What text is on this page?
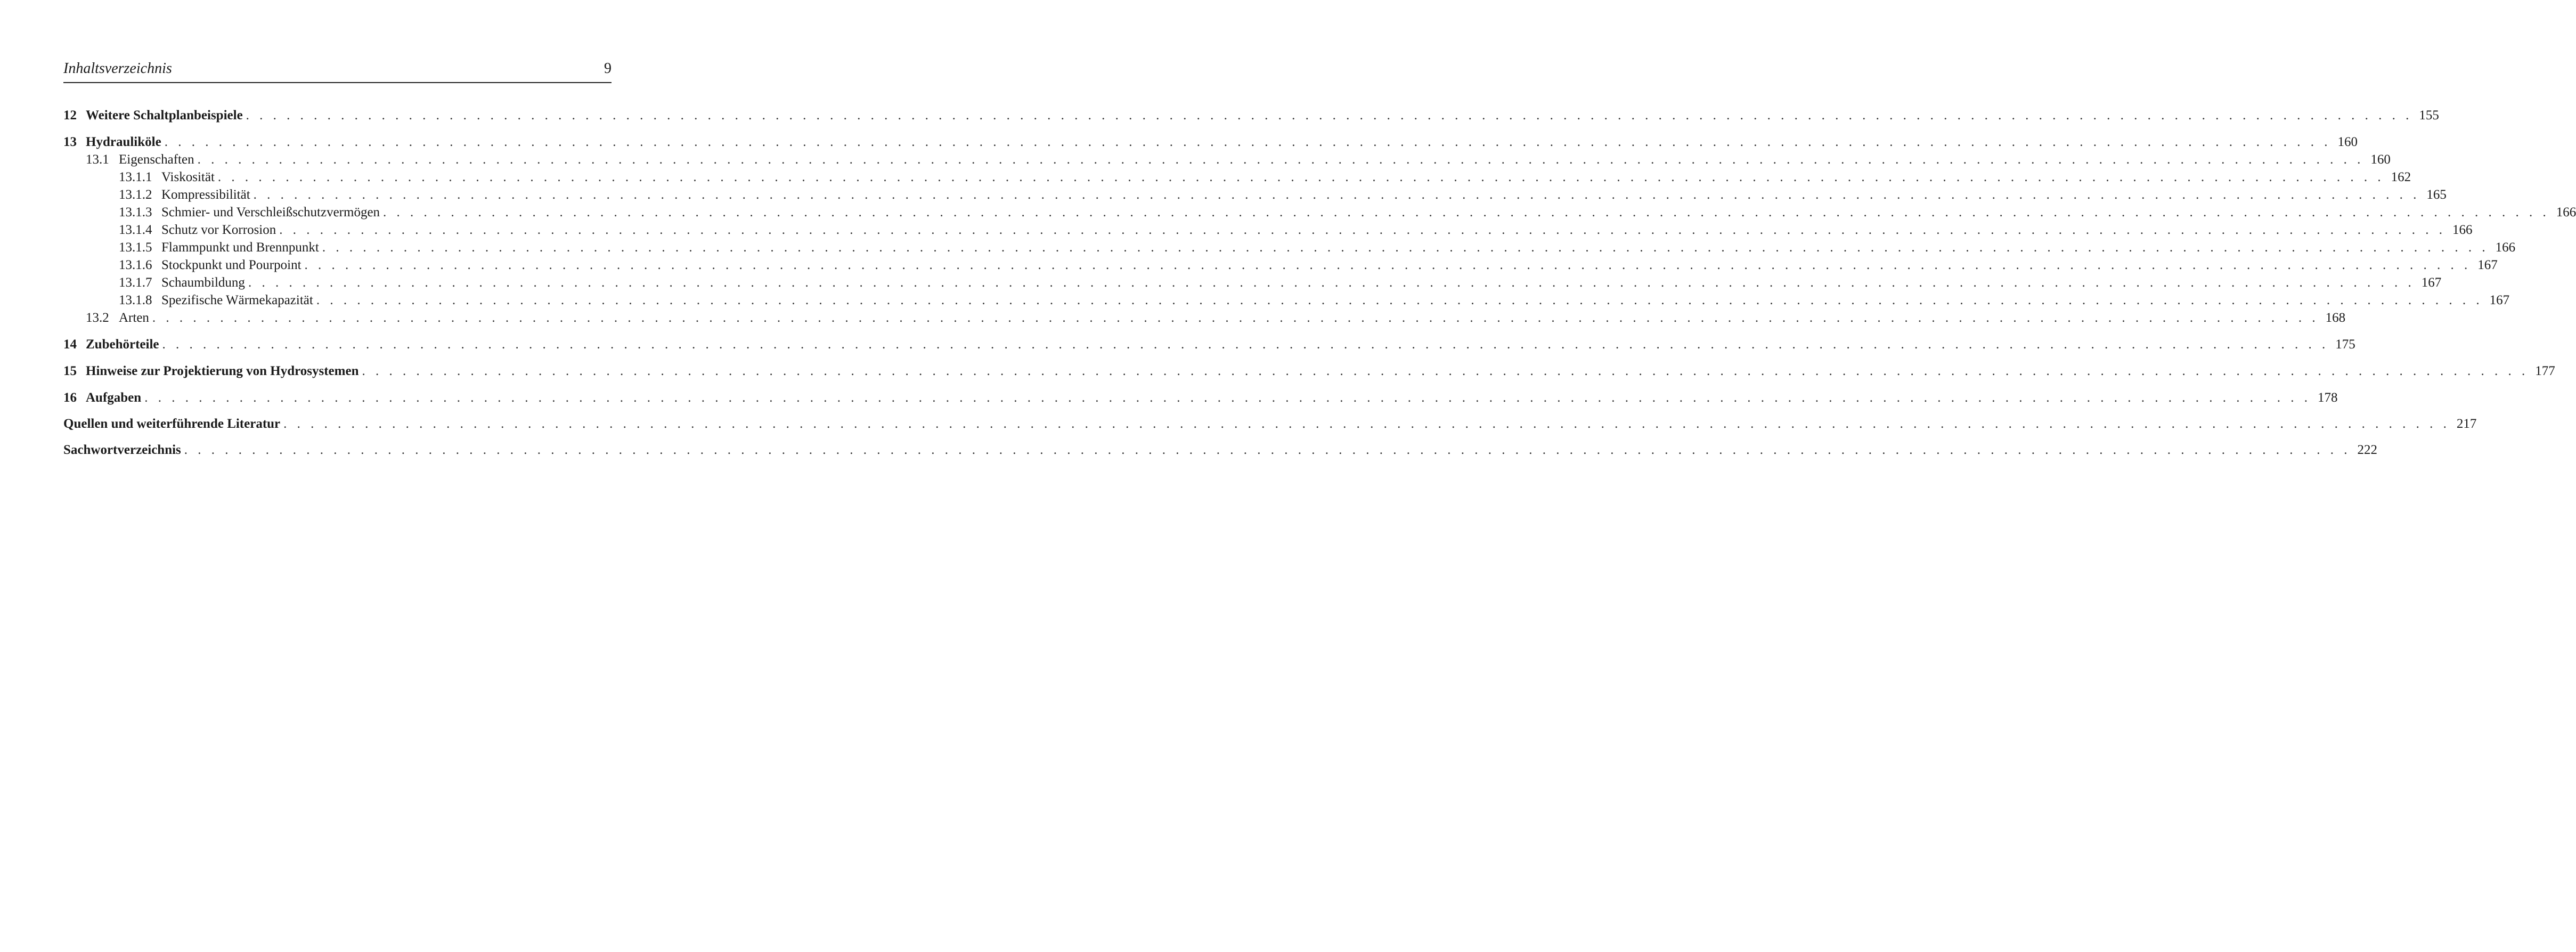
Inhaltsverzeichnis	9
12 Weitere Schaltplanbeispiele . . . . . . . . . . . . . . . . . . . . . . . . . . . . . . . . . . . . . . . . . . . . . . . . . . . . . . . . . . . . . . . . . . . . . . . . . . . . . . . . . . . . . . . . . . . . . . . . . . . . . . . . . . . . . . . . . . . . . . . . . . . . . . . . . . . . . . . . . . . . . . . . . . . . . . . . . . . . . . . . 155
13 Hydrauliköle . . . . . . . . . . . . . . . . . . . . . . . . . . . . . . . . . . . . . . . . . . . . . . . . . . . . . . . . . . . . . . . . . . . . . . . . . . . . . . . . . . . . . . . . . . . . . . . . . . . . . . . . . . . . . . . . . . . . . . . . . . . . . . . . . . . . . . . . . . . . . . . . . . . . . . . . . . . . . . . . 160
13.1 Eigenschaften . . . . . . . . . . . . . . . . . . . . . . . . . . . . . . . . . . . . . . . . . . . . . . . . . . . . . . . . . . . . . . . . . . . . . . . . . . . . . . . . . . . . . . . . . . . . . . . . . . . . . . . . . . . . . . . . . . . . . . . . . . . . . . . . . . . . . . . . . . . . . . . . . . . . . . . . . . . . . . . . 160
13.1.1 Viskosität . . . . . . . . . . . . . . . . . . . . . . . . . . . . . . . . . . . . . . . . . . . . . . . . . . . . . . . . . . . . . . . . . . . . . . . . . . . . . . . . . . . . . . . . . . . . . . . . . . . . . . . . . . . . . . . . . . . . . . . . . . . . . . . . . . . . . . . . . . . . . . . . . . . . . . . . . . . . . . . . 162
13.1.2 Kompressibilität . . . . . . . . . . . . . . . . . . . . . . . . . . . . . . . . . . . . . . . . . . . . . . . . . . . . . . . . . . . . . . . . . . . . . . . . . . . . . . . . . . . . . . . . . . . . . . . . . . . . . . . . . . . . . . . . . . . . . . . . . . . . . . . . . . . . . . . . . . . . . . . . . . . . . . . . . . . . . . . . 165
13.1.3 Schmier- und Verschleißschutzvermögen . . . . . . . . . . . . . . . . . . . . . . . . . . . . . . . . . . . . . . . . . . . . . . . . . . . . . . . . . . . . . . . . . . . . . . . . . . . . . . . . . . . . . . . . . . . . . . . . . . . . . . . . . . . . . . . . . . . . . . . . . . . . . . . . . . . . . . . . . . . . . . . . . . . . . . . . . . . . . . . . 166
13.1.4 Schutz vor Korrosion . . . . . . . . . . . . . . . . . . . . . . . . . . . . . . . . . . . . . . . . . . . . . . . . . . . . . . . . . . . . . . . . . . . . . . . . . . . . . . . . . . . . . . . . . . . . . . . . . . . . . . . . . . . . . . . . . . . . . . . . . . . . . . . . . . . . . . . . . . . . . . . . . . . . . . . . . . . . . . . . 166
13.1.5 Flammpunkt und Brennpunkt . . . . . . . . . . . . . . . . . . . . . . . . . . . . . . . . . . . . . . . . . . . . . . . . . . . . . . . . . . . . . . . . . . . . . . . . . . . . . . . . . . . . . . . . . . . . . . . . . . . . . . . . . . . . . . . . . . . . . . . . . . . . . . . . . . . . . . . . . . . . . . . . . . . . . . . . . . . . . . . . 166
13.1.6 Stockpunkt und Pourpoint . . . . . . . . . . . . . . . . . . . . . . . . . . . . . . . . . . . . . . . . . . . . . . . . . . . . . . . . . . . . . . . . . . . . . . . . . . . . . . . . . . . . . . . . . . . . . . . . . . . . . . . . . . . . . . . . . . . . . . . . . . . . . . . . . . . . . . . . . . . . . . . . . . . . . . . . . . . . . . . . 167
13.1.7 Schaumbildung . . . . . . . . . . . . . . . . . . . . . . . . . . . . . . . . . . . . . . . . . . . . . . . . . . . . . . . . . . . . . . . . . . . . . . . . . . . . . . . . . . . . . . . . . . . . . . . . . . . . . . . . . . . . . . . . . . . . . . . . . . . . . . . . . . . . . . . . . . . . . . . . . . . . . . . . . . . . . . . . 167
13.1.8 Spezifische Wärmekapazität . . . . . . . . . . . . . . . . . . . . . . . . . . . . . . . . . . . . . . . . . . . . . . . . . . . . . . . . . . . . . . . . . . . . . . . . . . . . . . . . . . . . . . . . . . . . . . . . . . . . . . . . . . . . . . . . . . . . . . . . . . . . . . . . . . . . . . . . . . . . . . . . . . . . . . . . . . . . . . . . 167
13.2 Arten . . . . . . . . . . . . . . . . . . . . . . . . . . . . . . . . . . . . . . . . . . . . . . . . . . . . . . . . . . . . . . . . . . . . . . . . . . . . . . . . . . . . . . . . . . . . . . . . . . . . . . . . . . . . . . . . . . . . . . . . . . . . . . . . . . . . . . . . . . . . . . . . . . . . . . . . . . . . . . . . 168
14 Zubehörteile . . . . . . . . . . . . . . . . . . . . . . . . . . . . . . . . . . . . . . . . . . . . . . . . . . . . . . . . . . . . . . . . . . . . . . . . . . . . . . . . . . . . . . . . . . . . . . . . . . . . . . . . . . . . . . . . . . . . . . . . . . . . . . . . . . . . . . . . . . . . . . . . . . . . . . . . . . . . . . . . 175
15 Hinweise zur Projektierung von Hydrosystemen . . . . . . . . . . . . . . . . . . . . . . . . . . . . . . . . . . . . . . . . . . . . . . . . . . . . . . . . . . . . . . . . . . . . . . . . . . . . . . . . . . . . . . . . . . . . . . . . . . . . . . . . . . . . . . . . . . . . . . . . . . . . . . . . . . . . . . . . . . . . . . . . . . . . . . . . . . . . . . . . 177
16 Aufgaben . . . . . . . . . . . . . . . . . . . . . . . . . . . . . . . . . . . . . . . . . . . . . . . . . . . . . . . . . . . . . . . . . . . . . . . . . . . . . . . . . . . . . . . . . . . . . . . . . . . . . . . . . . . . . . . . . . . . . . . . . . . . . . . . . . . . . . . . . . . . . . . . . . . . . . . . . . . . . . . . 178
Quellen und weiterführende Literatur . . . . . . . . . . . . . . . . . . . . . . . . . . . . . . . . . . . . . . . . . . . . . . . . . . . . . . . . . . . . . . . . . . . . . . . . . . . . . . . . . . . . . . . . . . . . . . . . . . . . . . . . . . . . . . . . . . . . . . . . . . . . . . . . . . . . . . . . . . . . . . . . . . . . . . . . . . . . . . . . 217
Sachwortverzeichnis . . . . . . . . . . . . . . . . . . . . . . . . . . . . . . . . . . . . . . . . . . . . . . . . . . . . . . . . . . . . . . . . . . . . . . . . . . . . . . . . . . . . . . . . . . . . . . . . . . . . . . . . . . . . . . . . . . . . . . . . . . . . . . . . . . . . . . . . . . . . . . . . . . . . . . . . . . . . . . . . 222
